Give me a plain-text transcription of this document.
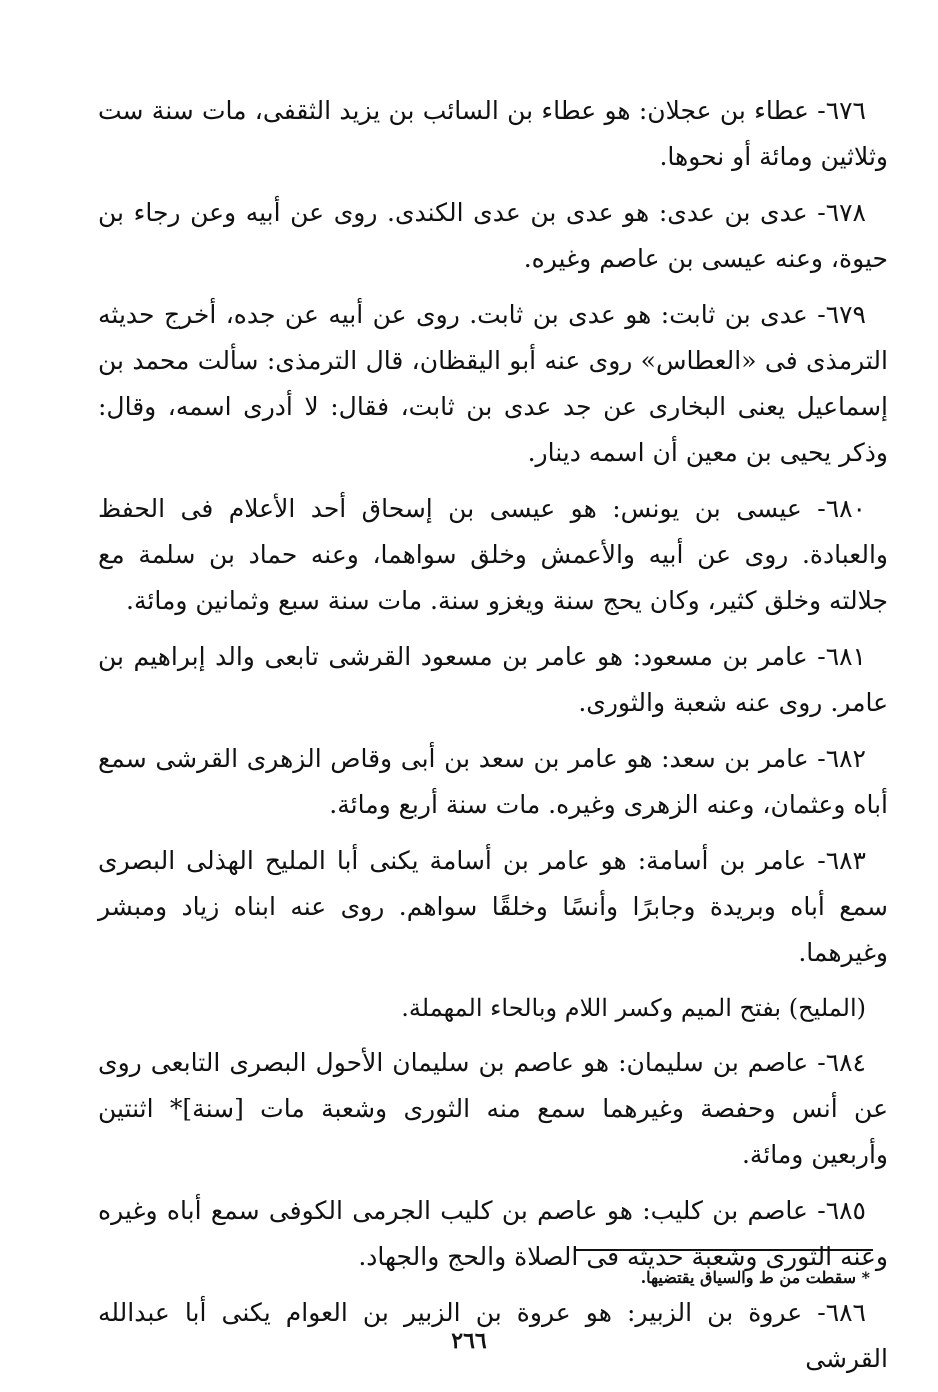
٦٧٦- عطاء بن عجلان: هو عطاء بن السائب بن يزيد الثقفى، مات سنة ست وثلاثين ومائة أو نحوها.

٦٧٨- عدى بن عدى: هو عدى بن عدى الكندى. روى عن أبيه وعن رجاء بن حيوة، وعنه عيسى بن عاصم وغيره.

٦٧٩- عدى بن ثابت: هو عدى بن ثابت. روى عن أبيه عن جده، أخرج حديثه الترمذى فى «العطاس» روى عنه أبو اليقظان، قال الترمذى: سألت محمد بن إسماعيل يعنى البخارى عن جد عدى بن ثابت، فقال: لا أدرى اسمه، وقال: وذكر يحيى بن معين أن اسمه دينار.

٦٨٠- عيسى بن يونس: هو عيسى بن إسحاق أحد الأعلام فى الحفظ والعبادة. روى عن أبيه والأعمش وخلق سواهما، وعنه حماد بن سلمة مع جلالته وخلق كثير، وكان يحج سنة ويغزو سنة. مات سنة سبع وثمانين ومائة.

٦٨١- عامر بن مسعود: هو عامر بن مسعود القرشى تابعى والد إبراهيم بن عامر. روى عنه شعبة والثورى.

٦٨٢- عامر بن سعد: هو عامر بن سعد بن أبى وقاص الزهرى القرشى سمع أباه وعثمان، وعنه الزهرى وغيره. مات سنة أربع ومائة.

٦٨٣- عامر بن أسامة: هو عامر بن أسامة يكنى أبا المليح الهذلى البصرى سمع أباه وبريدة وجابرًا وأنسًا وخلقًا سواهم. روى عنه ابناه زياد ومبشر وغيرهما.

(المليح) بفتح الميم وكسر اللام وبالحاء المهملة.

٦٨٤- عاصم بن سليمان: هو عاصم بن سليمان الأحول البصرى التابعى روى عن أنس وحفصة وغيرهما سمع منه الثورى وشعبة مات [سنة]* اثنتين وأربعين ومائة.

٦٨٥- عاصم بن كليب: هو عاصم بن كليب الجرمى الكوفى سمع أباه وغيره وعنه الثورى وشعبة حديثه فى الصلاة والحج والجهاد.

٦٨٦- عروة بن الزبير: هو عروة بن الزبير بن العوام يكنى أبا عبدالله القرشى

* سقطت من ط والسياق يقتضيها.
٢٦٦
